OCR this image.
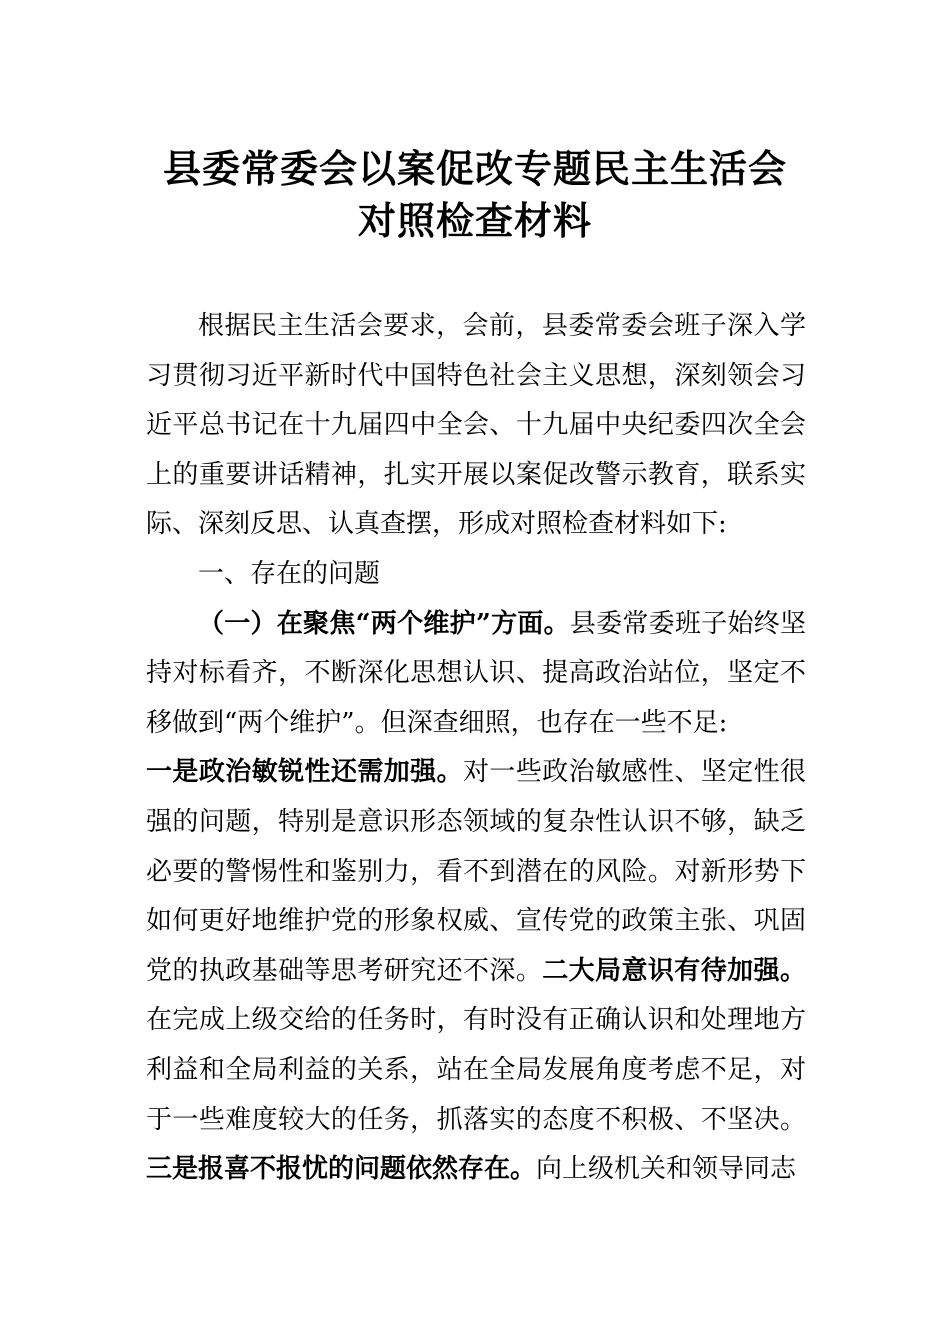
县委常委会以案促改专题民主生活会
对照检查材料

根据民主生活会要求，会前，县委常委会班子深入学习贯彻习近平新时代中国特色社会主义思想，深刻领会习近平总书记在十九届四中全会、十九届中央纪委四次全会上的重要讲话精神，扎实开展以案促改警示教育，联系实际、深刻反思、认真查摆，形成对照检查材料如下:

一、存在的问题

（一）在聚焦“两个维护”方面。县委常委班子始终坚持对标看齐，不断深化思想认识、提高政治站位，坚定不移做到“两个维护”。但深查细照，也存在一些不足:

一是政治敏锐性还需加强。对一些政治敏感性、坚定性很强的问题，特别是意识形态领域的复杂性认识不够，缺乏必要的警惕性和鉴别力，看不到潜在的风险。对新形势下如何更好地维护党的形象权威、宣传党的政策主张、巩固党的执政基础等思考研究还不深。二大局意识有待加强。在完成上级交给的任务时，有时没有正确认识和处理地方利益和全局利益的关系，站在全局发展角度考虑不足，对于一些难度较大的任务，抓落实的态度不积极、不坚决。三是报喜不报忧的问题依然存在。向上级机关和领导同志
